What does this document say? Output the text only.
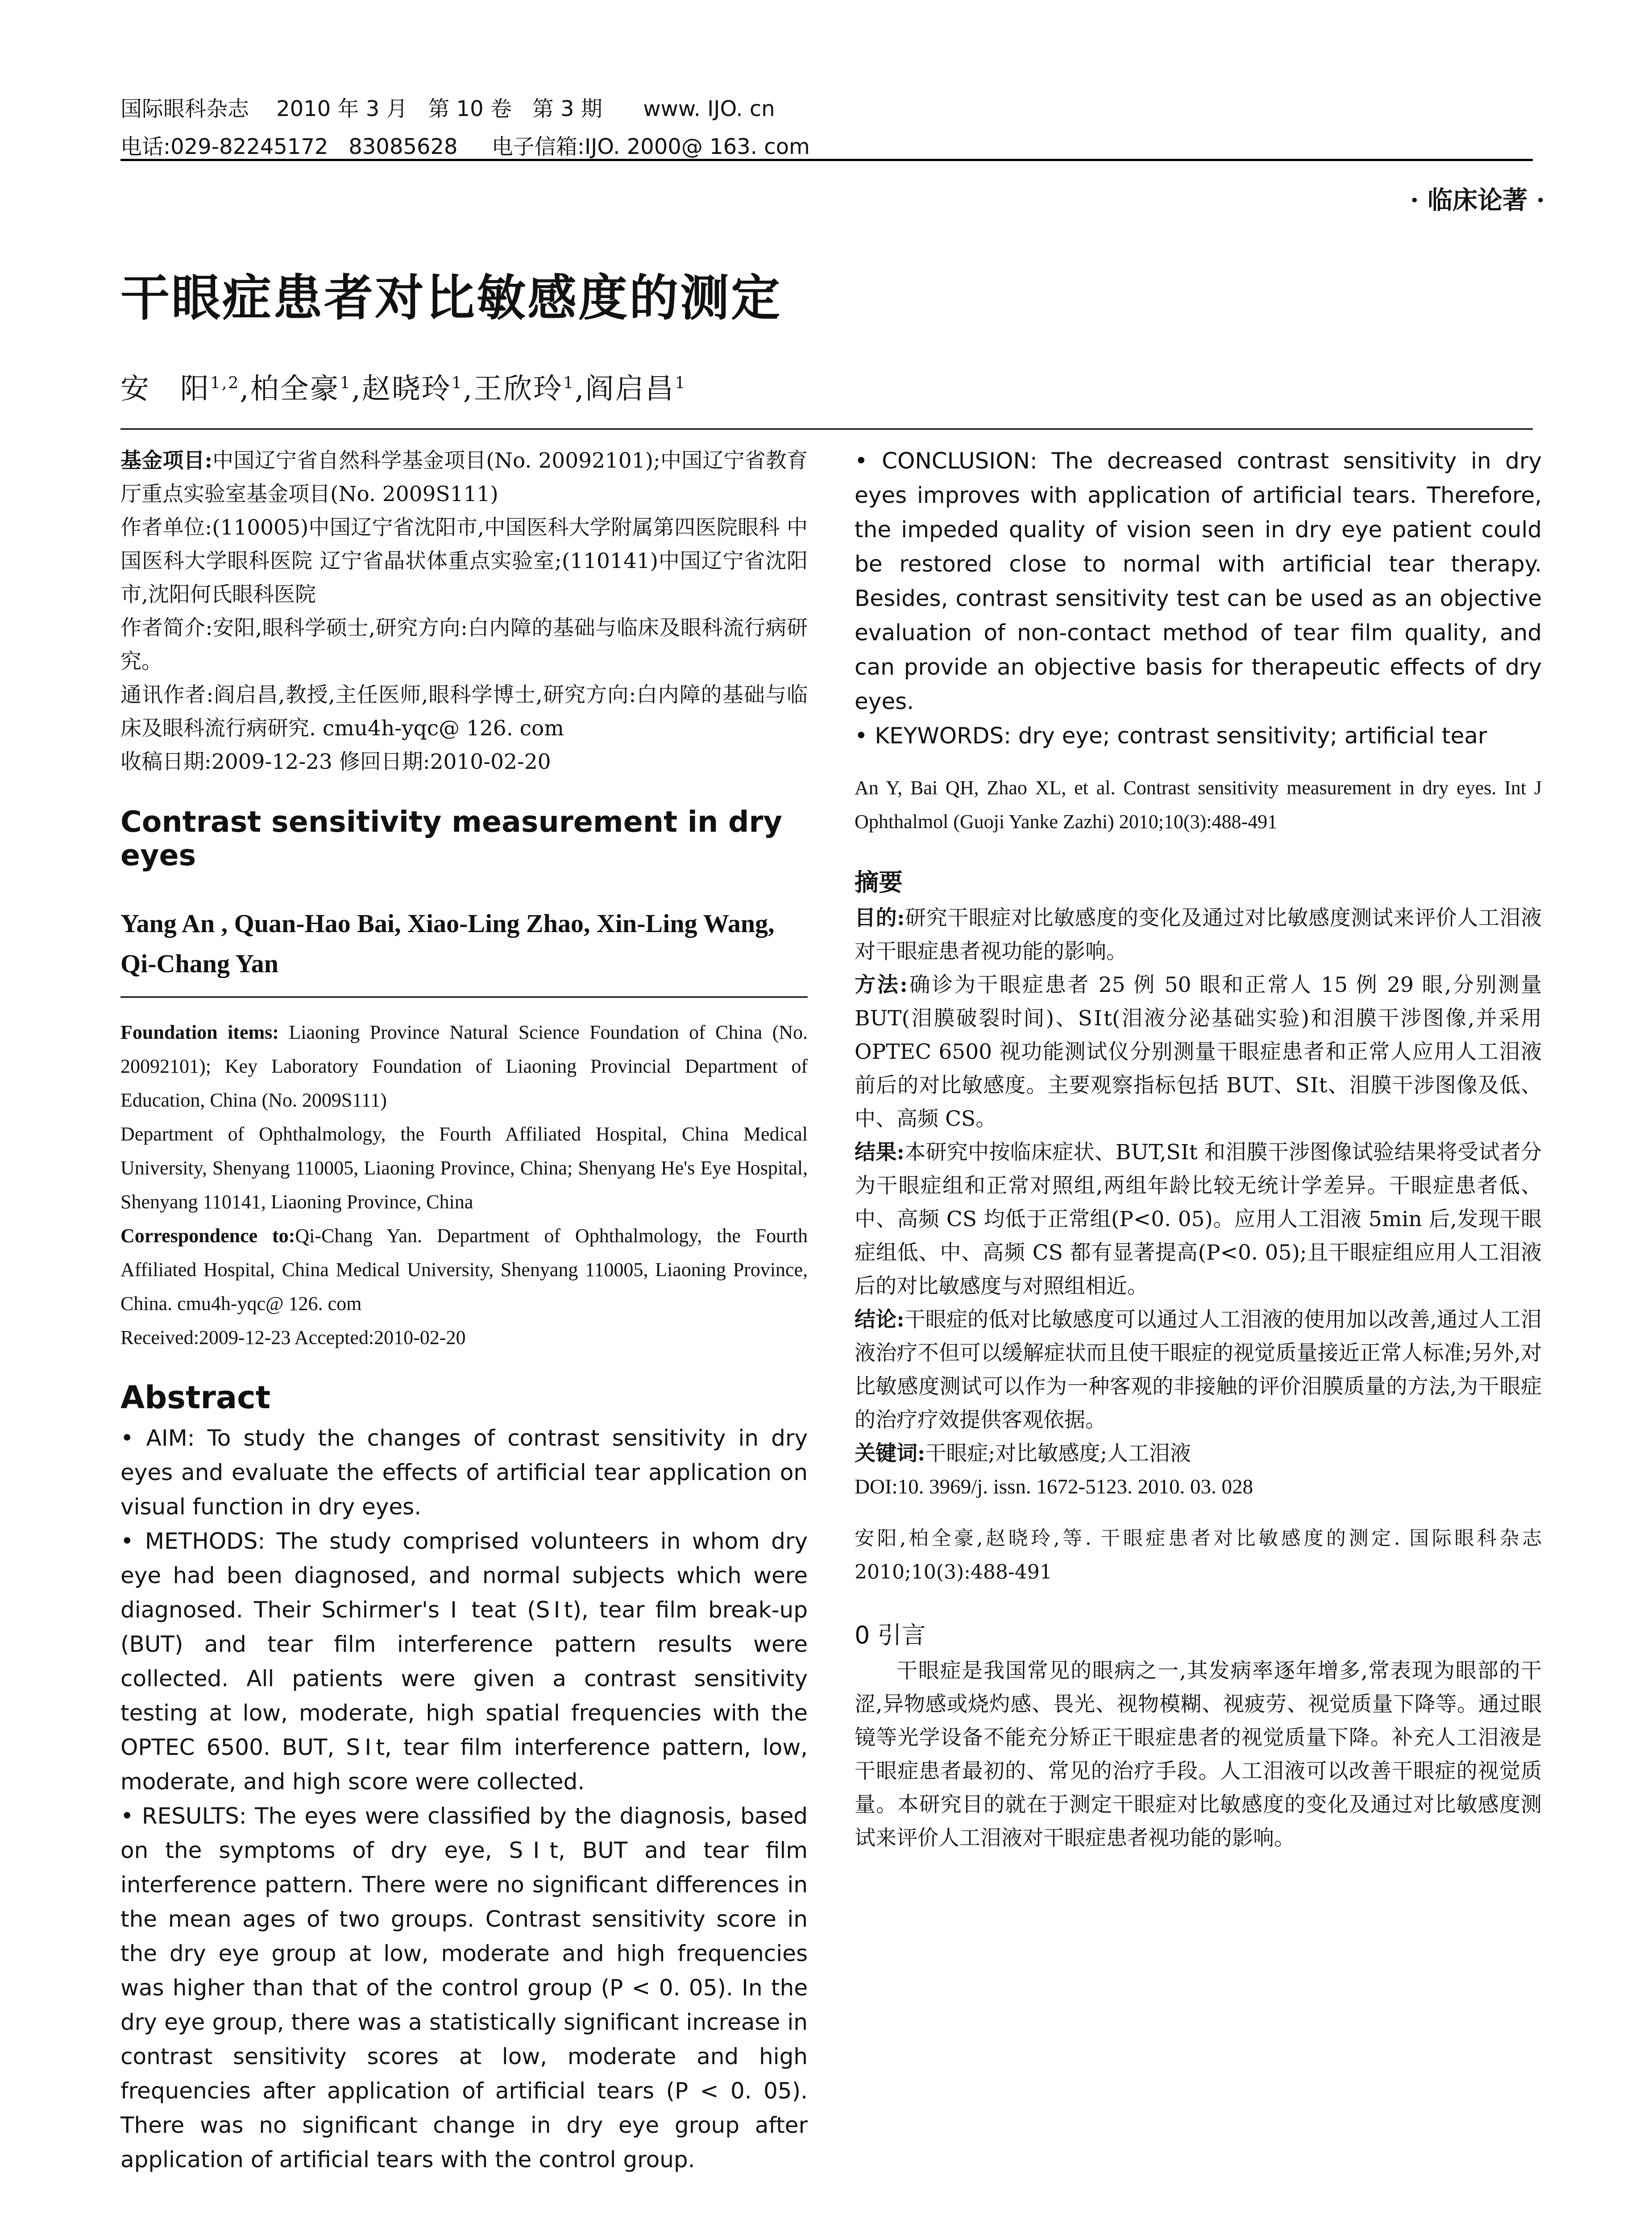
国际眼科杂志    2010 年 3 月   第 10 卷   第 3 期      www. IJO. cn
电话:029-82245172   83085628     电子信箱:IJO. 2000@ 163. com
· 临床论著 ·
干眼症患者对比敏感度的测定
安　阳$^{1,2}$,柏全豪$^1$,赵晓玲$^1$,王欣玲$^1$,阎启昌$^1$

基金项目:中国辽宁省自然科学基金项目(No. 20092101);中国辽宁省教育厅重点实验室基金项目(No. 2009S111)

作者单位:(110005)中国辽宁省沈阳市,中国医科大学附属第四医院眼科 中国医科大学眼科医院 辽宁省晶状体重点实验室;(110141)中国辽宁省沈阳市,沈阳何氏眼科医院

作者简介:安阳,眼科学硕士,研究方向:白内障的基础与临床及眼科流行病研究。

通讯作者:阎启昌,教授,主任医师,眼科学博士,研究方向:白内障的基础与临床及眼科流行病研究. cmu4h-yqc@ 126. com

收稿日期:2009-12-23 修回日期:2010-02-20

Contrast sensitivity measurement in dry eyes
Yang An , Quan-Hao Bai, Xiao-Ling Zhao, Xin-Ling Wang, Qi-Chang Yan

Foundation items: Liaoning Province Natural Science Foundation of China (No. 20092101); Key Laboratory Foundation of Liaoning Provincial Department of Education, China (No. 2009S111)

Department of Ophthalmology, the Fourth Affiliated Hospital, China Medical University, Shenyang 110005, Liaoning Province, China; Shenyang He's Eye Hospital, Shenyang 110141, Liaoning Province, China

Correspondence to:Qi-Chang Yan. Department of Ophthalmology, the Fourth Affiliated Hospital, China Medical University, Shenyang 110005, Liaoning Province, China. cmu4h-yqc@ 126. com

Received:2009-12-23 Accepted:2010-02-20

Abstract

• AIM: To study the changes of contrast sensitivity in dry eyes and evaluate the effects of artificial tear application on visual function in dry eyes.

• METHODS: The study comprised volunteers in whom dry eye had been diagnosed, and normal subjects which were diagnosed. Their Schirmer's Ⅰ teat (SⅠt), tear film break-up (BUT) and tear film interference pattern results were collected. All patients were given a contrast sensitivity testing at low, moderate, high spatial frequencies with the OPTEC 6500. BUT, SⅠt, tear film interference pattern, low, moderate, and high score were collected.

• RESULTS: The eyes were classified by the diagnosis, based on the symptoms of dry eye, SⅠt, BUT and tear film interference pattern. There were no significant differences in the mean ages of two groups. Contrast sensitivity score in the dry eye group at low, moderate and high frequencies was higher than that of the control group (P < 0. 05). In the dry eye group, there was a statistically significant increase in contrast sensitivity scores at low, moderate and high frequencies after application of artificial tears (P < 0. 05). There was no significant change in dry eye group after application of artificial tears with the control group.

• CONCLUSION: The decreased contrast sensitivity in dry eyes improves with application of artificial tears. Therefore, the impeded quality of vision seen in dry eye patient could be restored close to normal with artificial tear therapy. Besides, contrast sensitivity test can be used as an objective evaluation of non-contact method of tear film quality, and can provide an objective basis for therapeutic effects of dry eyes.

• KEYWORDS: dry eye; contrast sensitivity; artificial tear

An Y, Bai QH, Zhao XL, et al. Contrast sensitivity measurement in dry eyes. Int J Ophthalmol (Guoji Yanke Zazhi) 2010;10(3):488-491

摘要

目的:研究干眼症对比敏感度的变化及通过对比敏感度测试来评价人工泪液对干眼症患者视功能的影响。

方法:确诊为干眼症患者 25 例 50 眼和正常人 15 例 29 眼,分别测量 BUT(泪膜破裂时间)、SⅠt(泪液分泌基础实验)和泪膜干涉图像,并采用 OPTEC 6500 视功能测试仪分别测量干眼症患者和正常人应用人工泪液前后的对比敏感度。主要观察指标包括 BUT、SⅠt、泪膜干涉图像及低、中、高频 CS。

结果:本研究中按临床症状、BUT,SⅠt 和泪膜干涉图像试验结果将受试者分为干眼症组和正常对照组,两组年龄比较无统计学差异。干眼症患者低、中、高频 CS 均低于正常组(P<0. 05)。应用人工泪液 5min 后,发现干眼症组低、中、高频 CS 都有显著提高(P<0. 05);且干眼症组应用人工泪液后的对比敏感度与对照组相近。

结论:干眼症的低对比敏感度可以通过人工泪液的使用加以改善,通过人工泪液治疗不但可以缓解症状而且使干眼症的视觉质量接近正常人标准;另外,对比敏感度测试可以作为一种客观的非接触的评价泪膜质量的方法,为干眼症的治疗疗效提供客观依据。

关键词:干眼症;对比敏感度;人工泪液

DOI:10. 3969/j. issn. 1672-5123. 2010. 03. 028

安阳,柏全豪,赵晓玲,等. 干眼症患者对比敏感度的测定. 国际眼科杂志 2010;10(3):488-491

0 引言

干眼症是我国常见的眼病之一,其发病率逐年增多,常表现为眼部的干涩,异物感或烧灼感、畏光、视物模糊、视疲劳、视觉质量下降等。通过眼镜等光学设备不能充分矫正干眼症患者的视觉质量下降。补充人工泪液是干眼症患者最初的、常见的治疗手段。人工泪液可以改善干眼症的视觉质量。本研究目的就在于测定干眼症对比敏感度的变化及通过对比敏感度测试来评价人工泪液对干眼症患者视功能的影响。
